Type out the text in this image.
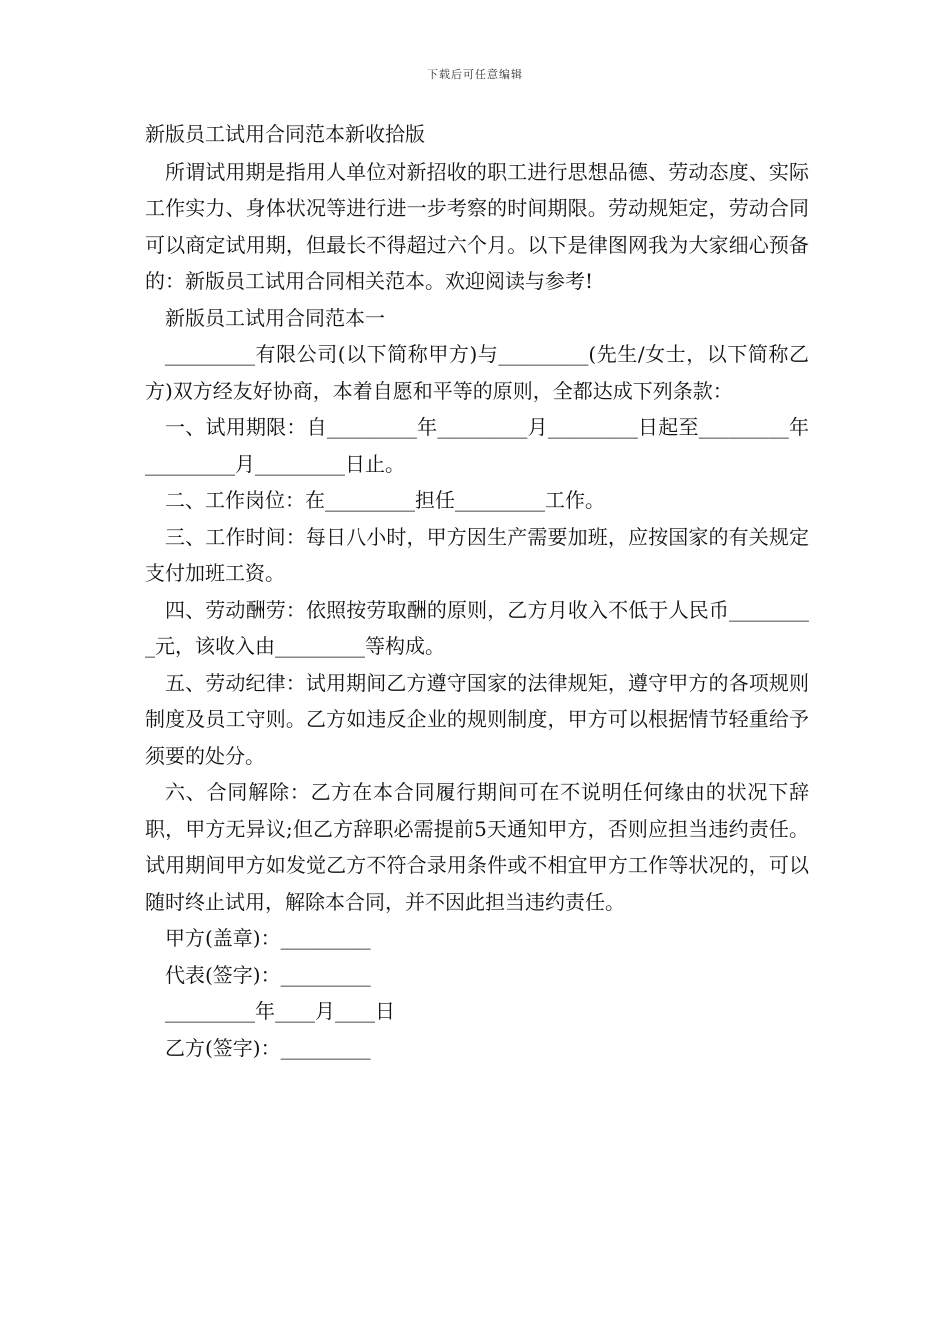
下载后可任意编辑

新版员工试用合同范本新收拾版

所谓试用期是指用人单位对新招收的职工进行思想品德、劳动态度、实际工作实力、身体状况等进行进一步考察的时间期限。劳动规矩定，劳动合同可以商定试用期，但最长不得超过六个月。以下是律图网我为大家细心预备的：新版员工试用合同相关范本。欢迎阅读与参考!

新版员工试用合同范本一

_________有限公司(以下简称甲方)与_________(先生/女士，以下简称乙方)双方经友好协商，本着自愿和平等的原则，全都达成下列条款：

一、试用期限：自_________年_________月_________日起至_________年_________月_________日止。

二、工作岗位：在_________担任_________工作。

三、工作时间：每日八小时，甲方因生产需要加班，应按国家的有关规定支付加班工资。

四、劳动酬劳：依照按劳取酬的原则，乙方月收入不低于人民币_________元，该收入由_________等构成。

五、劳动纪律：试用期间乙方遵守国家的法律规矩，遵守甲方的各项规则制度及员工守则。乙方如违反企业的规则制度，甲方可以根据情节轻重给予须要的处分。

六、合同解除：乙方在本合同履行期间可在不说明任何缘由的状况下辞职，甲方无异议;但乙方辞职必需提前5天通知甲方，否则应担当违约责任。试用期间甲方如发觉乙方不符合录用条件或不相宜甲方工作等状况的，可以随时终止试用，解除本合同，并不因此担当违约责任。

甲方(盖章)：_________

代表(签字)：_________

_________年____月____日

乙方(签字)：_________
